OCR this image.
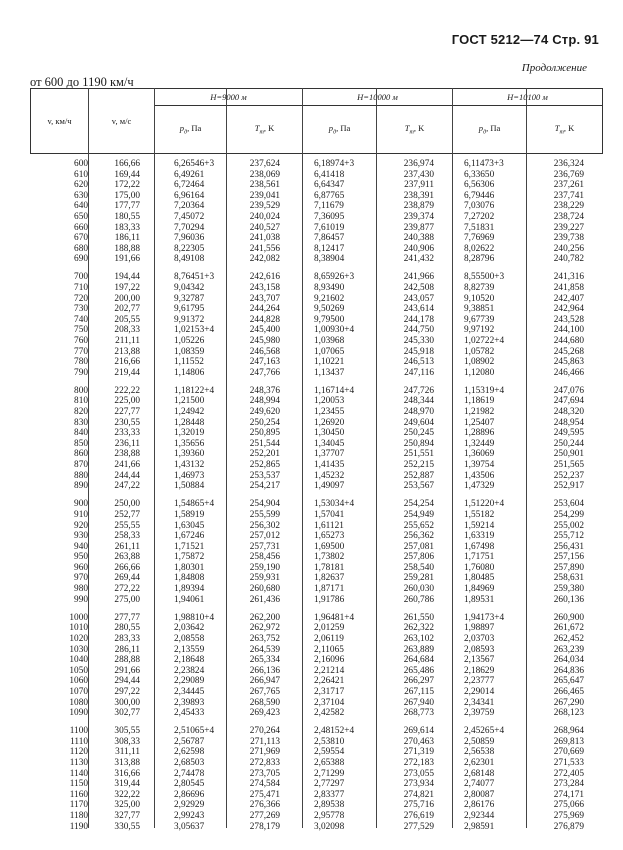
ГОСТ 5212—74 Стр. 91
Продолжение
от 600 до 1190 км/ч
v, км/ч	v, м/с	H=9000 м		H=10000 м		H=10100 м	
		$p_д$, Па	$T_т$, K	$p_д$, Па	$T_т$, K	$p_д$, Па	$T_т$, K
600	166,66	6,26546+3	237,624	6,18974+3	236,974	6,11473+3	236,324
610	169,44	6,49261	238,069	6,41418	237,430	6,33650	236,769
620	172,22	6,72464	238,561	6,64347	237,911	6,56306	237,261
630	175,00	6,96164	239,041	6,87765	238,391	6,79446	237,741
640	177,77	7,20364	239,529	7,11679	238,879	7,03076	238,229
650	180,55	7,45072	240,024	7,36095	239,374	7,27202	238,724
660	183,33	7,70294	240,527	7,61019	239,877	7,51831	239,227
670	186,11	7,96036	241,038	7,86457	240,388	7,76969	239,738
680	188,88	8,22305	241,556	8,12417	240,906	8,02622	240,256
690	191,66	8,49108	242,082	8,38904	241,432	8,28796	240,782
700	194,44	8,76451+3	242,616	8,65926+3	241,966	8,55500+3	241,316
710	197,22	9,04342	243,158	8,93490	242,508	8,82739	241,858
720	200,00	9,32787	243,707	9,21602	243,057	9,10520	242,407
730	202,77	9,61795	244,264	9,50269	243,614	9,38851	242,964
740	205,55	9,91372	244,828	9,79500	244,178	9,67739	243,528
750	208,33	1,02153+4	245,400	1,00930+4	244,750	9,97192	244,100
760	211,11	1,05226	245,980	1,03968	245,330	1,02722+4	244,680
770	213,88	1,08359	246,568	1,07065	245,918	1,05782	245,268
780	216,66	1,11552	247,163	1,10221	246,513	1,08902	245,863
790	219,44	1,14806	247,766	1,13437	247,116	1,12080	246,466
800	222,22	1,18122+4	248,376	1,16714+4	247,726	1,15319+4	247,076
810	225,00	1,21500	248,994	1,20053	248,344	1,18619	247,694
820	227,77	1,24942	249,620	1,23455	248,970	1,21982	248,320
830	230,55	1,28448	250,254	1,26920	249,604	1,25407	248,954
840	233,33	1,32019	250,895	1,30450	250,245	1,28896	249,595
850	236,11	1,35656	251,544	1,34045	250,894	1,32449	250,244
860	238,88	1,39360	252,201	1,37707	251,551	1,36069	250,901
870	241,66	1,43132	252,865	1,41435	252,215	1,39754	251,565
880	244,44	1,46973	253,537	1,45232	252,887	1,43506	252,237
890	247,22	1,50884	254,217	1,49097	253,567	1,47329	252,917
900	250,00	1,54865+4	254,904	1,53034+4	254,254	1,51220+4	253,604
910	252,77	1,58919	255,599	1,57041	254,949	1,55182	254,299
920	255,55	1,63045	256,302	1,61121	255,652	1,59214	255,002
930	258,33	1,67246	257,012	1,65273	256,362	1,63319	255,712
940	261,11	1,71521	257,731	1,69500	257,081	1,67498	256,431
950	263,88	1,75872	258,456	1,73802	257,806	1,71751	257,156
960	266,66	1,80301	259,190	1,78181	258,540	1,76080	257,890
970	269,44	1,84808	259,931	1,82637	259,281	1,80485	258,631
980	272,22	1,89394	260,680	1,87171	260,030	1,84969	259,380
990	275,00	1,94061	261,436	1,91786	260,786	1,89531	260,136
1000	277,77	1,98810+4	262,200	1,96481+4	261,550	1,94173+4	260,900
1010	280,55	2,03642	262,972	2,01259	262,322	1,98897	261,672
1020	283,33	2,08558	263,752	2,06119	263,102	2,03703	262,452
1030	286,11	2,13559	264,539	2,11065	263,889	2,08593	263,239
1040	288,88	2,18648	265,334	2,16096	264,684	2,13567	264,034
1050	291,66	2,23824	266,136	2,21214	265,486	2,18629	264,836
1060	294,44	2,29089	266,947	2,26421	266,297	2,23777	265,647
1070	297,22	2,34445	267,765	2,31717	267,115	2,29014	266,465
1080	300,00	2,39893	268,590	2,37104	267,940	2,34341	267,290
1090	302,77	2,45433	269,423	2,42582	268,773	2,39759	268,123
1100	305,55	2,51065+4	270,264	2,48152+4	269,614	2,45265+4	268,964
1110	308,33	2,56787	271,113	2,53810	270,463	2,50859	269,813
1120	311,11	2,62598	271,969	2,59554	271,319	2,56538	270,669
1130	313,88	2,68503	272,833	2,65388	272,183	2,62301	271,533
1140	316,66	2,74478	273,705	2,71299	273,055	2,68148	272,405
1150	319,44	2,80545	274,584	2,77297	273,934	2,74077	273,284
1160	322,22	2,86696	275,471	2,83377	274,821	2,80087	274,171
1170	325,00	2,92929	276,366	2,89538	275,716	2,86176	275,066
1180	327,77	2,99243	277,269	2,95778	276,619	2,92344	275,969
1190	330,55	3,05637	278,179	3,02098	277,529	2,98591	276,879
